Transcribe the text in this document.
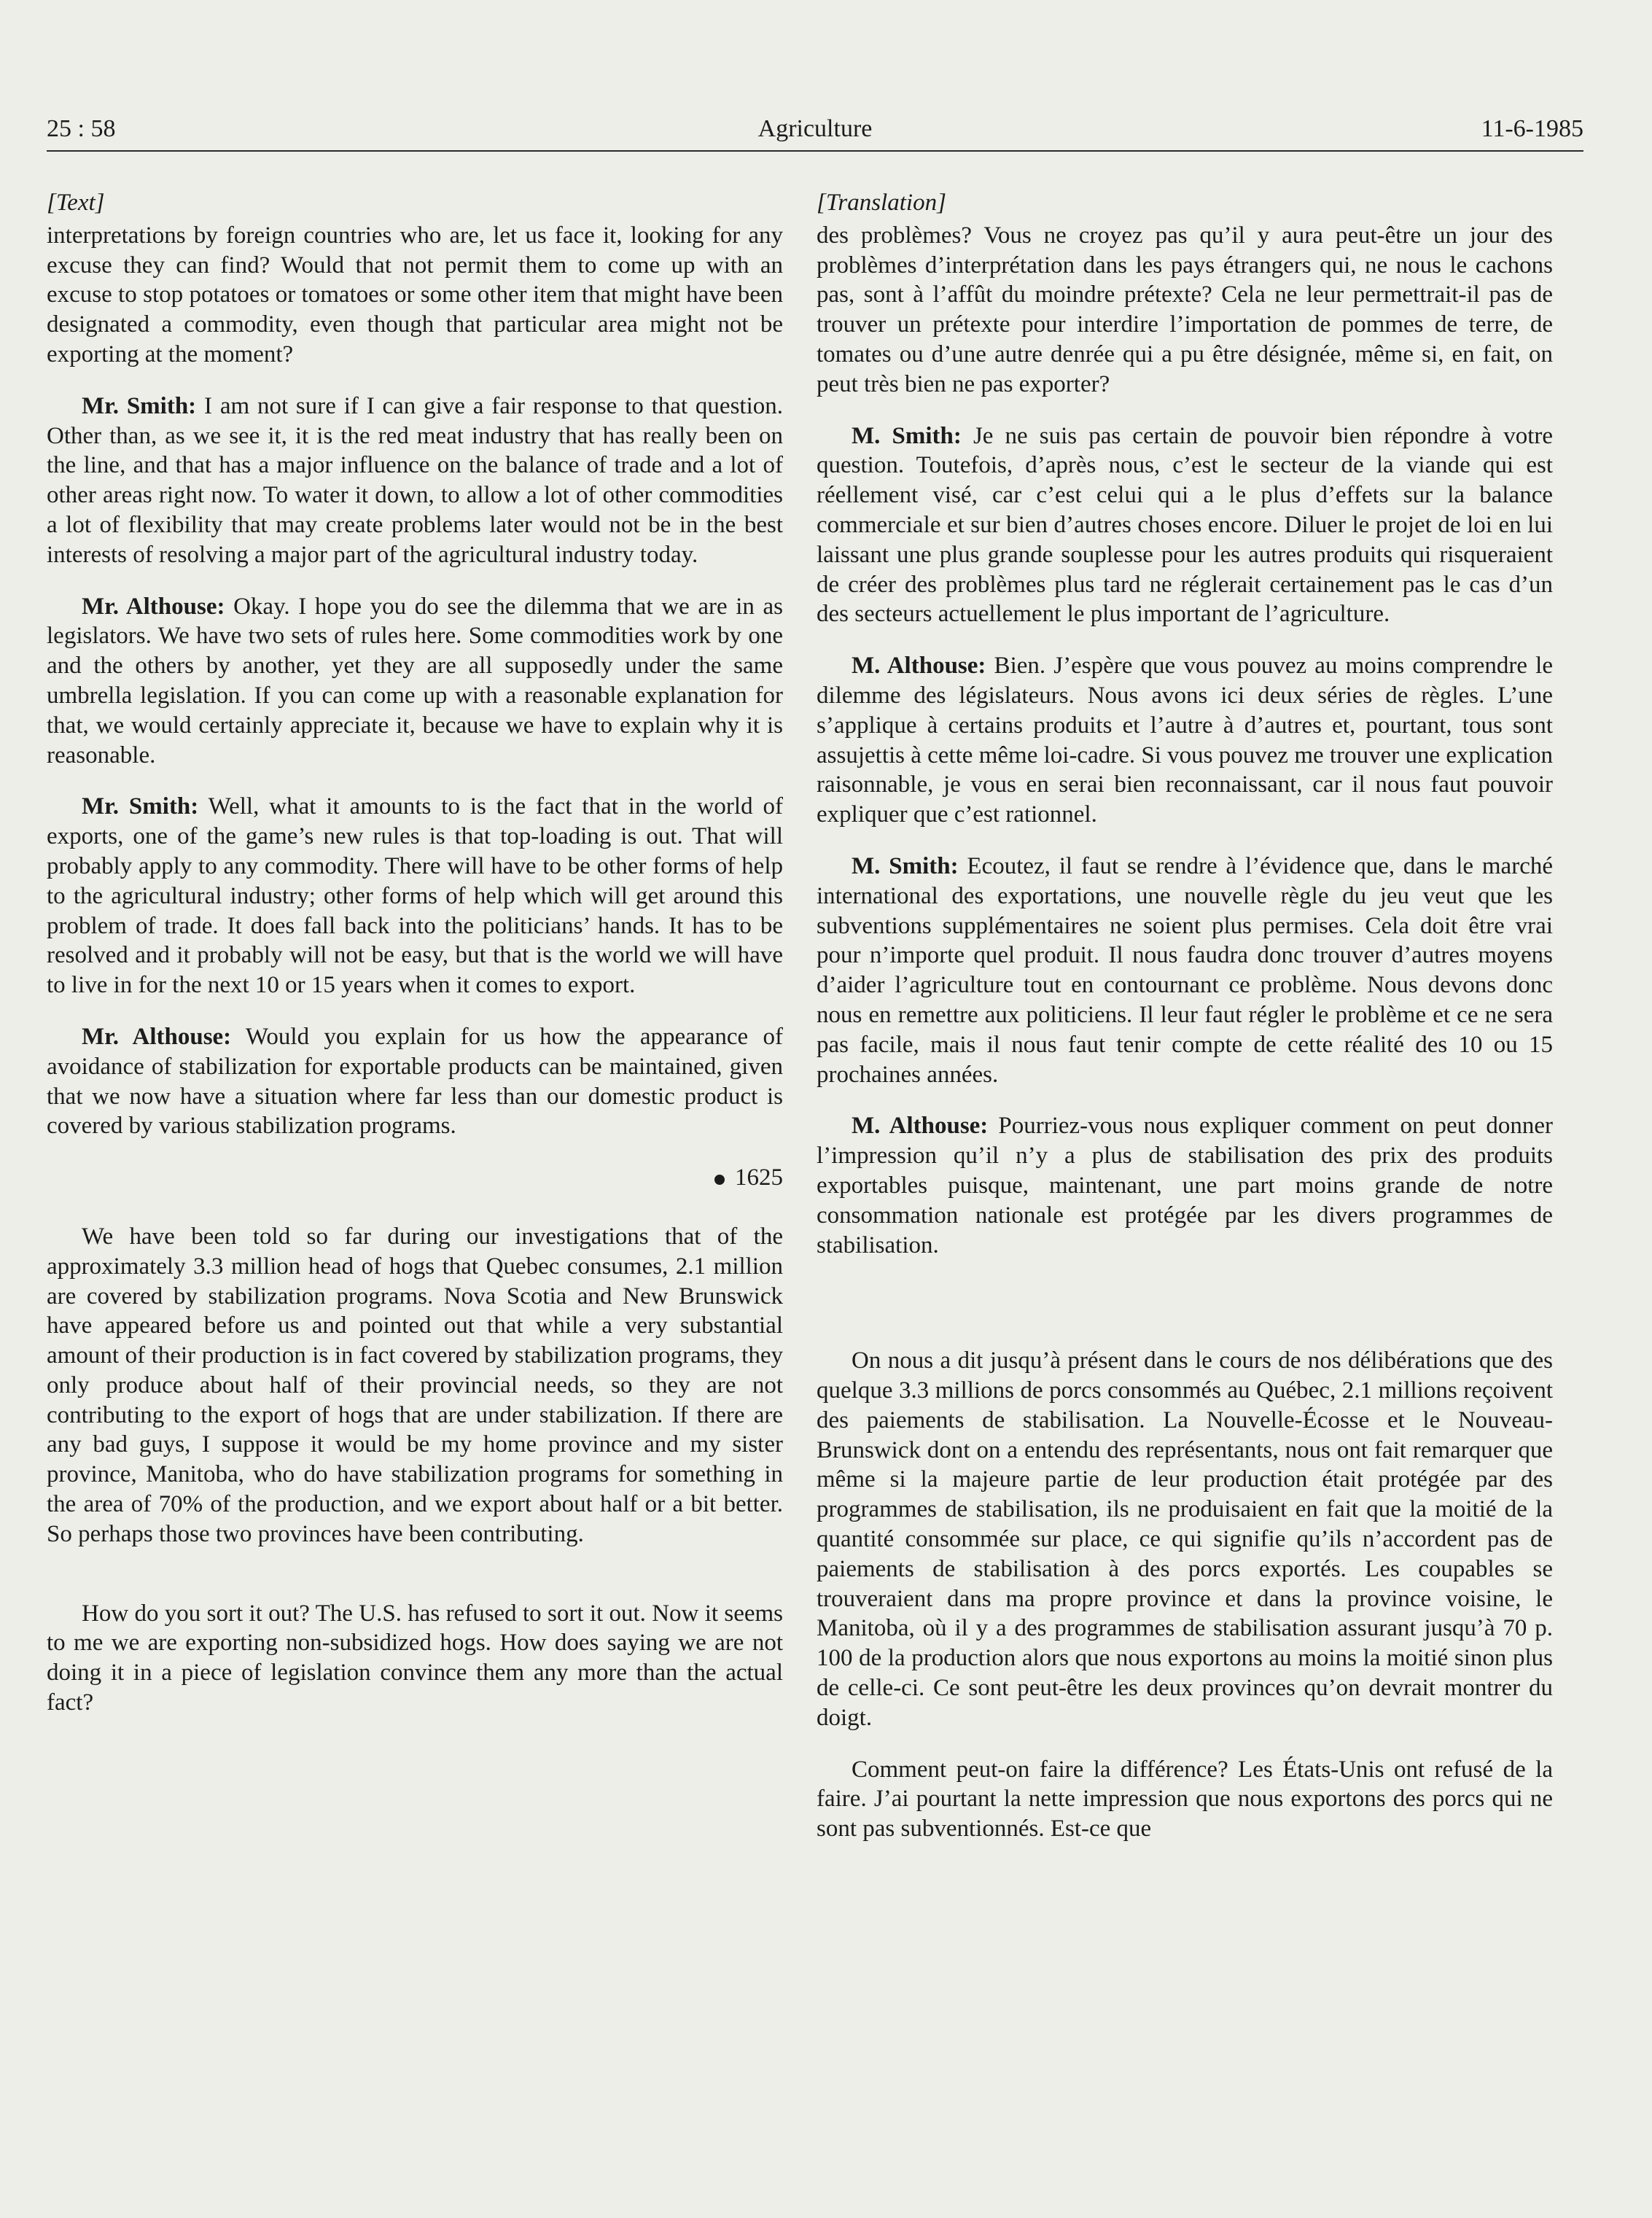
25 : 58	Agriculture	11-6-1985
[Text]

interpretations by foreign countries who are, let us face it, looking for any excuse they can find? Would that not permit them to come up with an excuse to stop potatoes or tomatoes or some other item that might have been designated a commodity, even though that particular area might not be exporting at the moment?

Mr. Smith: I am not sure if I can give a fair response to that question. Other than, as we see it, it is the red meat industry that has really been on the line, and that has a major influence on the balance of trade and a lot of other areas right now. To water it down, to allow a lot of other commodities a lot of flexibility that may create problems later would not be in the best interests of resolving a major part of the agricultural industry today.

Mr. Althouse: Okay. I hope you do see the dilemma that we are in as legislators. We have two sets of rules here. Some commodities work by one and the others by another, yet they are all supposedly under the same umbrella legislation. If you can come up with a reasonable explanation for that, we would certainly appreciate it, because we have to explain why it is reasonable.

Mr. Smith: Well, what it amounts to is the fact that in the world of exports, one of the game’s new rules is that top-loading is out. That will probably apply to any commodity. There will have to be other forms of help to the agricultural industry; other forms of help which will get around this problem of trade. It does fall back into the politicians’ hands. It has to be resolved and it probably will not be easy, but that is the world we will have to live in for the next 10 or 15 years when it comes to export.

Mr. Althouse: Would you explain for us how the appearance of avoidance of stabilization for exportable products can be maintained, given that we now have a situation where far less than our domestic product is covered by various stabilization programs.

1625

We have been told so far during our investigations that of the approximately 3.3 million head of hogs that Quebec consumes, 2.1 million are covered by stabilization programs. Nova Scotia and New Brunswick have appeared before us and pointed out that while a very substantial amount of their production is in fact covered by stabilization programs, they only produce about half of their provincial needs, so they are not contributing to the export of hogs that are under stabilization. If there are any bad guys, I suppose it would be my home province and my sister province, Manitoba, who do have stabilization programs for something in the area of 70% of the production, and we export about half or a bit better. So perhaps those two provinces have been contributing.

How do you sort it out? The U.S. has refused to sort it out. Now it seems to me we are exporting non-subsidized hogs. How does saying we are not doing it in a piece of legislation convince them any more than the actual fact?

[Translation]

des problèmes? Vous ne croyez pas qu’il y aura peut-être un jour des problèmes d’interprétation dans les pays étrangers qui, ne nous le cachons pas, sont à l’affût du moindre prétexte? Cela ne leur permettrait-il pas de trouver un prétexte pour interdire l’importation de pommes de terre, de tomates ou d’une autre denrée qui a pu être désignée, même si, en fait, on peut très bien ne pas exporter?

M. Smith: Je ne suis pas certain de pouvoir bien répondre à votre question. Toutefois, d’après nous, c’est le secteur de la viande qui est réellement visé, car c’est celui qui a le plus d’effets sur la balance commerciale et sur bien d’autres choses encore. Diluer le projet de loi en lui laissant une plus grande souplesse pour les autres produits qui risqueraient de créer des problèmes plus tard ne réglerait certainement pas le cas d’un des secteurs actuellement le plus important de l’agriculture.

M. Althouse: Bien. J’espère que vous pouvez au moins comprendre le dilemme des législateurs. Nous avons ici deux séries de règles. L’une s’applique à certains produits et l’autre à d’autres et, pourtant, tous sont assujettis à cette même loi-cadre. Si vous pouvez me trouver une explication raisonnable, je vous en serai bien reconnaissant, car il nous faut pouvoir expliquer que c’est rationnel.

M. Smith: Ecoutez, il faut se rendre à l’évidence que, dans le marché international des exportations, une nouvelle règle du jeu veut que les subventions supplémentaires ne soient plus permises. Cela doit être vrai pour n’importe quel produit. Il nous faudra donc trouver d’autres moyens d’aider l’agriculture tout en contournant ce problème. Nous devons donc nous en remettre aux politiciens. Il leur faut régler le problème et ce ne sera pas facile, mais il nous faut tenir compte de cette réalité des 10 ou 15 prochaines années.

M. Althouse: Pourriez-vous nous expliquer comment on peut donner l’impression qu’il n’y a plus de stabilisation des prix des produits exportables puisque, maintenant, une part moins grande de notre consommation nationale est protégée par les divers programmes de stabilisation.

On nous a dit jusqu’à présent dans le cours de nos délibérations que des quelque 3.3 millions de porcs consommés au Québec, 2.1 millions reçoivent des paiements de stabilisation. La Nouvelle-Écosse et le Nouveau-Brunswick dont on a entendu des représentants, nous ont fait remarquer que même si la majeure partie de leur production était protégée par des programmes de stabilisation, ils ne produisaient en fait que la moitié de la quantité consommée sur place, ce qui signifie qu’ils n’accordent pas de paiements de stabilisation à des porcs exportés. Les coupables se trouveraient dans ma propre province et dans la province voisine, le Manitoba, où il y a des programmes de stabilisation assurant jusqu’à 70 p. 100 de la production alors que nous exportons au moins la moitié sinon plus de celle-ci. Ce sont peut-être les deux provinces qu’on devrait montrer du doigt.

Comment peut-on faire la différence? Les États-Unis ont refusé de la faire. J’ai pourtant la nette impression que nous exportons des porcs qui ne sont pas subventionnés. Est-ce que
